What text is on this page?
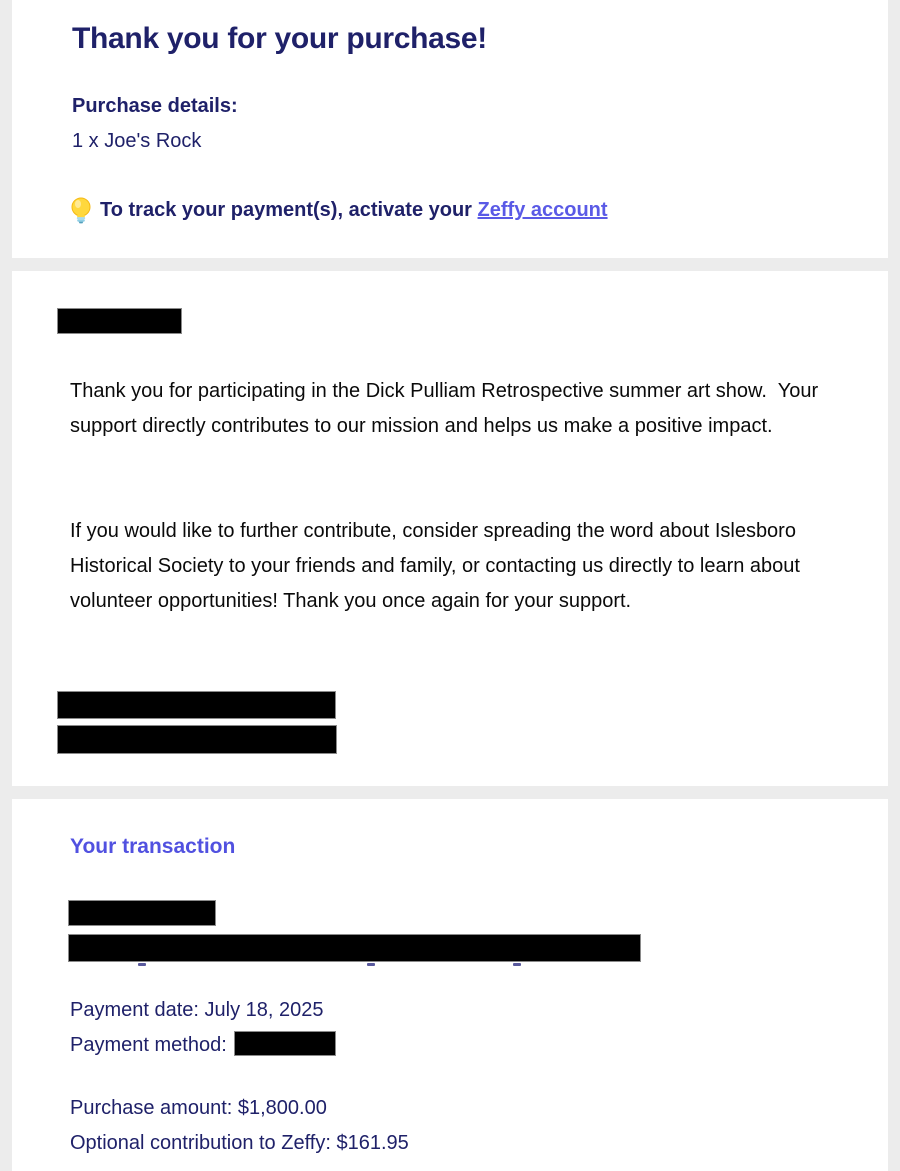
Thank you for your purchase!
Purchase details:
1 x Joe's Rock
To track your payment(s), activate your Zeffy account
Thank you for participating in the Dick Pulliam Retrospective summer art show.  Your support directly contributes to our mission and helps us make a positive impact.
If you would like to further contribute, consider spreading the word about Islesboro Historical Society to your friends and family, or contacting us directly to learn about volunteer opportunities! Thank you once again for your support.
Your transaction
Payment date: July 18, 2025
Payment method:
Purchase amount: $1,800.00
Optional contribution to Zeffy: $161.95
